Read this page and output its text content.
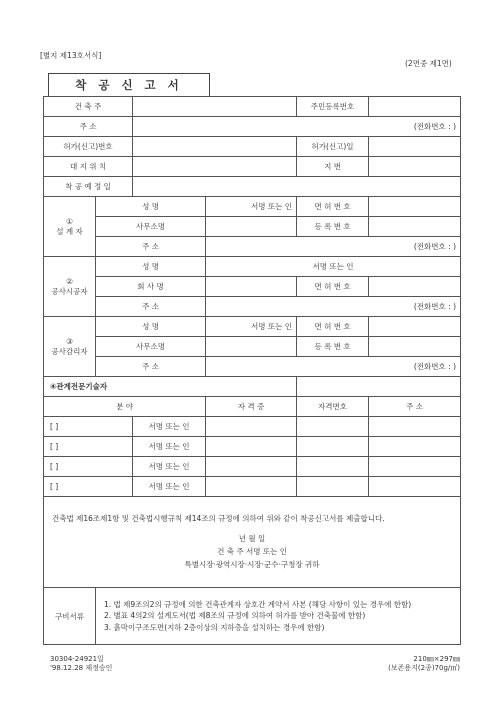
[별지 제13호서식]
(2면중 제1면)
착 공 신 고 서
건 축 주				주민등록번호	
주 소		(전화번호 : )			
허가(신고)번호				허가(신고)일	
대 지 위 치				지 번	
착 공 예 정 일					

①
설 계 자	성 명		서명 또는 인	면 허 번 호	
	사무소명			등 록 번 호	
	주 소		(전화번호 : )		

②
공사시공자	성 명		서명 또는 인		
	회 사 명			면 허 번 호	
	주 소		(전화번호 : )		

③
공사감리자	성 명		서명 또는 인	면 허 번 호	
	사무소명			등 록 번 호	
	주 소		(전화번호 : )		
④관계전문기술자					
분 야			자 격 증	자격번호	주 소
[ ]		서명 또는 인			
[ ]		서명 또는 인			
[ ]		서명 또는 인			
[ ]		서명 또는 인			

건축법 제16조제1항 및 건축법시행규칙 제14조의 규정에 의하여 위와 같이 착공신고서를 제출합니다.
년 월 일
건 축 주 서명 또는 인
특별시장·광역시장·시장·군수·구청장 귀하					

구비서류	1. 법 제9조의2의 규정에 의한 건축관계자 상호간 계약서 사본 (해당 사항이 있는 경우에 한함)
2. 별표 4의2의 설계도서(법 제8조의 규정에 의하여 허가를 받아 건축물에 한함)
3. 흙막이구조도면(지하 2층이상의 지하층을 설치하는 경우에 한함)				
30304-24921일
'98.12.28 제정승인
210㎜×297㎜
(보존용지(2종)70g/㎡)
